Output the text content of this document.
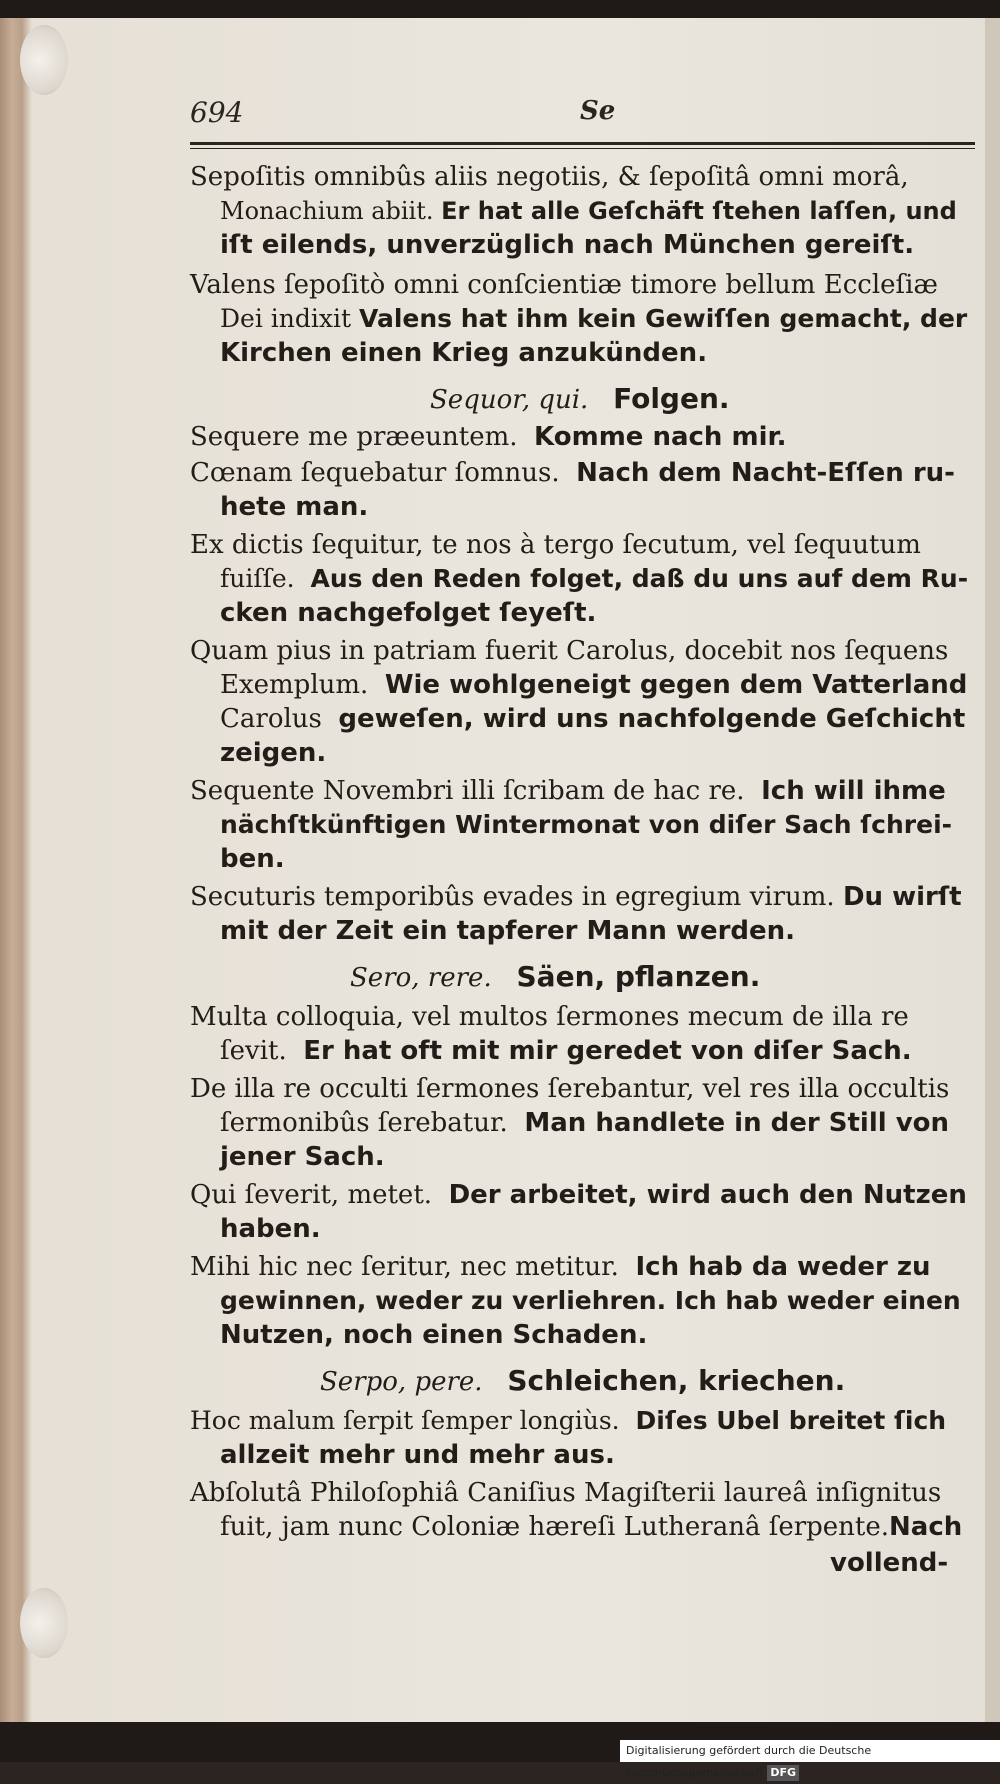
694	Se
Sepoſitis omnibûs aliis negotiis, & ſepoſitâ omni morâ,
Monachium abiit. Er hat alle Geſchäft ſtehen laſſen, und
iſt eilends, unverzüglich nach München gereiſt.
Valens ſepoſitò omni conſcientiæ timore bellum Eccleſiæ
Dei indixit Valens hat ihm kein Gewiſſen gemacht, der
Kirchen einen Krieg anzukünden.
Sequor, qui. Folgen.
Sequere me præeuntem. Komme nach mir.
Cœnam ſequebatur ſomnus. Nach dem Nacht-Eſſen ru-
hete man.
Ex dictis ſequitur, te nos à tergo ſecutum, vel ſequutum
fuiſſe. Aus den Reden folget, daß du uns auf dem Ru-
cken nachgefolget ſeyeſt.
Quam pius in patriam fuerit Carolus, docebit nos ſequens
Exemplum. Wie wohlgeneigt gegen dem Vatterland
Carolus geweſen, wird uns nachfolgende Geſchicht
zeigen.
Sequente Novembri illi ſcribam de hac re. Ich will ihme
nächſtkünftigen Wintermonat von diſer Sach ſchrei-
ben.
Secuturis temporibûs evades in egregium virum. Du wirſt
mit der Zeit ein tapferer Mann werden.
Sero, rere. Säen, pflanzen.
Multa colloquia, vel multos ſermones mecum de illa re
ſevit. Er hat oft mit mir geredet von diſer Sach.
De illa re occulti ſermones ſerebantur, vel res illa occultis
ſermonibûs ſerebatur. Man handlete in der Still von
jener Sach.
Qui ſeverit, metet. Der arbeitet, wird auch den Nutzen
haben.
Mihi hic nec ſeritur, nec metitur. Ich hab da weder zu
gewinnen, weder zu verliehren. Ich hab weder einen
Nutzen, noch einen Schaden.
Serpo, pere. Schleichen, kriechen.
Hoc malum ſerpit ſemper longiùs. Diſes Ubel breitet ſich
allzeit mehr und mehr aus.
Abſolutâ Philoſophiâ Caniſius Magiſterii laureâ inſignitus
fuit, jam nunc Coloniæ hæreſi Lutheranâ ſerpente.Nach
vollend-
Digitalisierung gefördert durch die Deutsche Forschungsgemeinschaft DFG
